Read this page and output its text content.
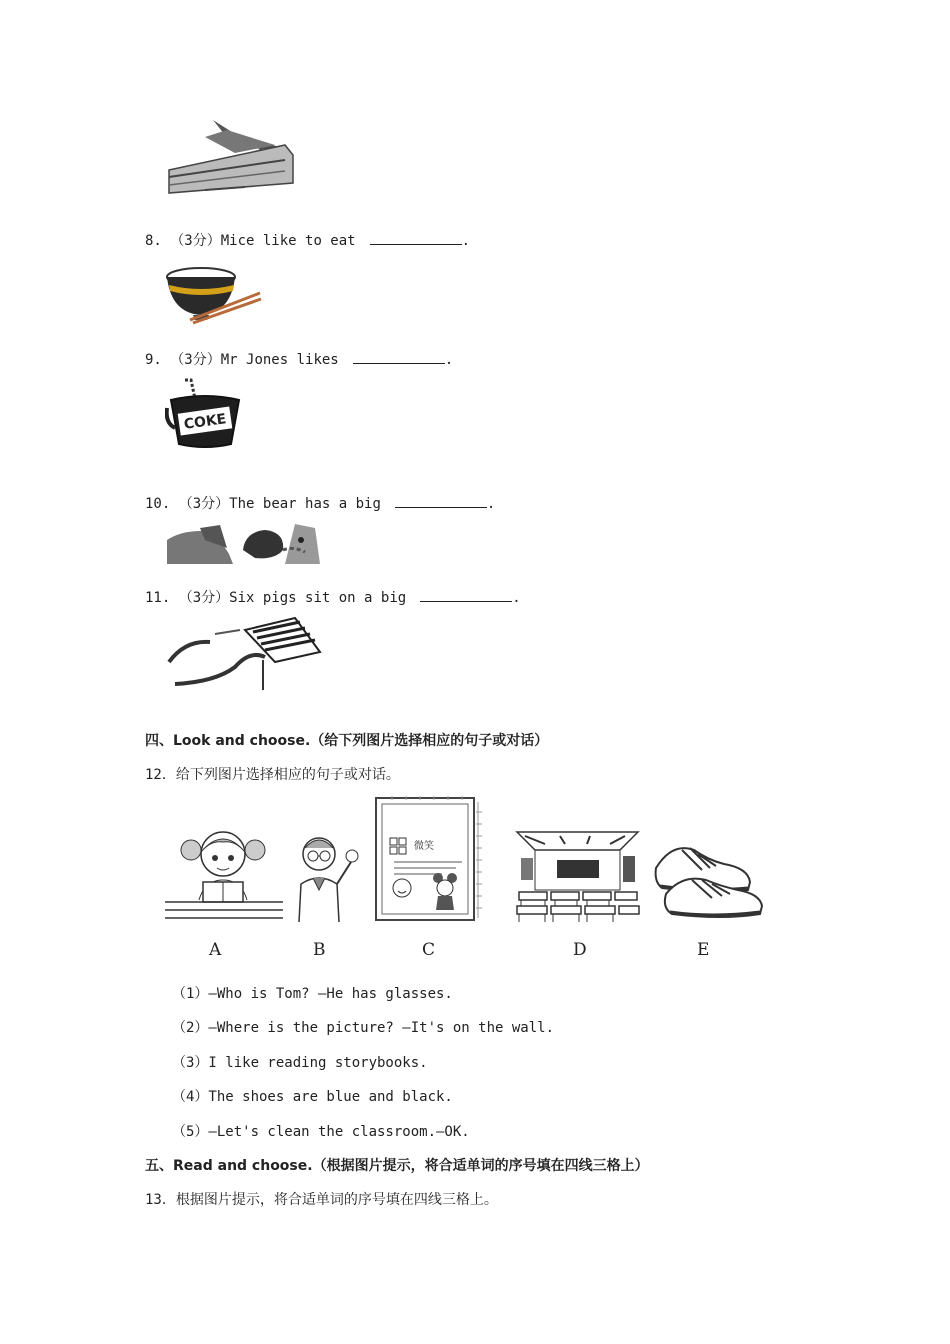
8. （3分）Mice like to eat	.
9. （3分）Mr Jones likes	.
COKE
10. （3分）The bear has a big	.
11. （3分）Six pigs sit on a big	.
四、Look and choose.（给下列图片选择相应的句子或对话）
12．给下列图片选择相应的句子或对话。
微笑
A	B	C	D	E
（1）—Who is Tom? —He has glasses.
（2）—Where is the picture? —It's on the wall.
（3）I like reading storybooks.
（4）The shoes are blue and black.
（5）—Let's clean the classroom.—OK.
五、Read and choose.（根据图片提示，将合适单词的序号填在四线三格上）
13．根据图片提示，将合适单词的序号填在四线三格上。
